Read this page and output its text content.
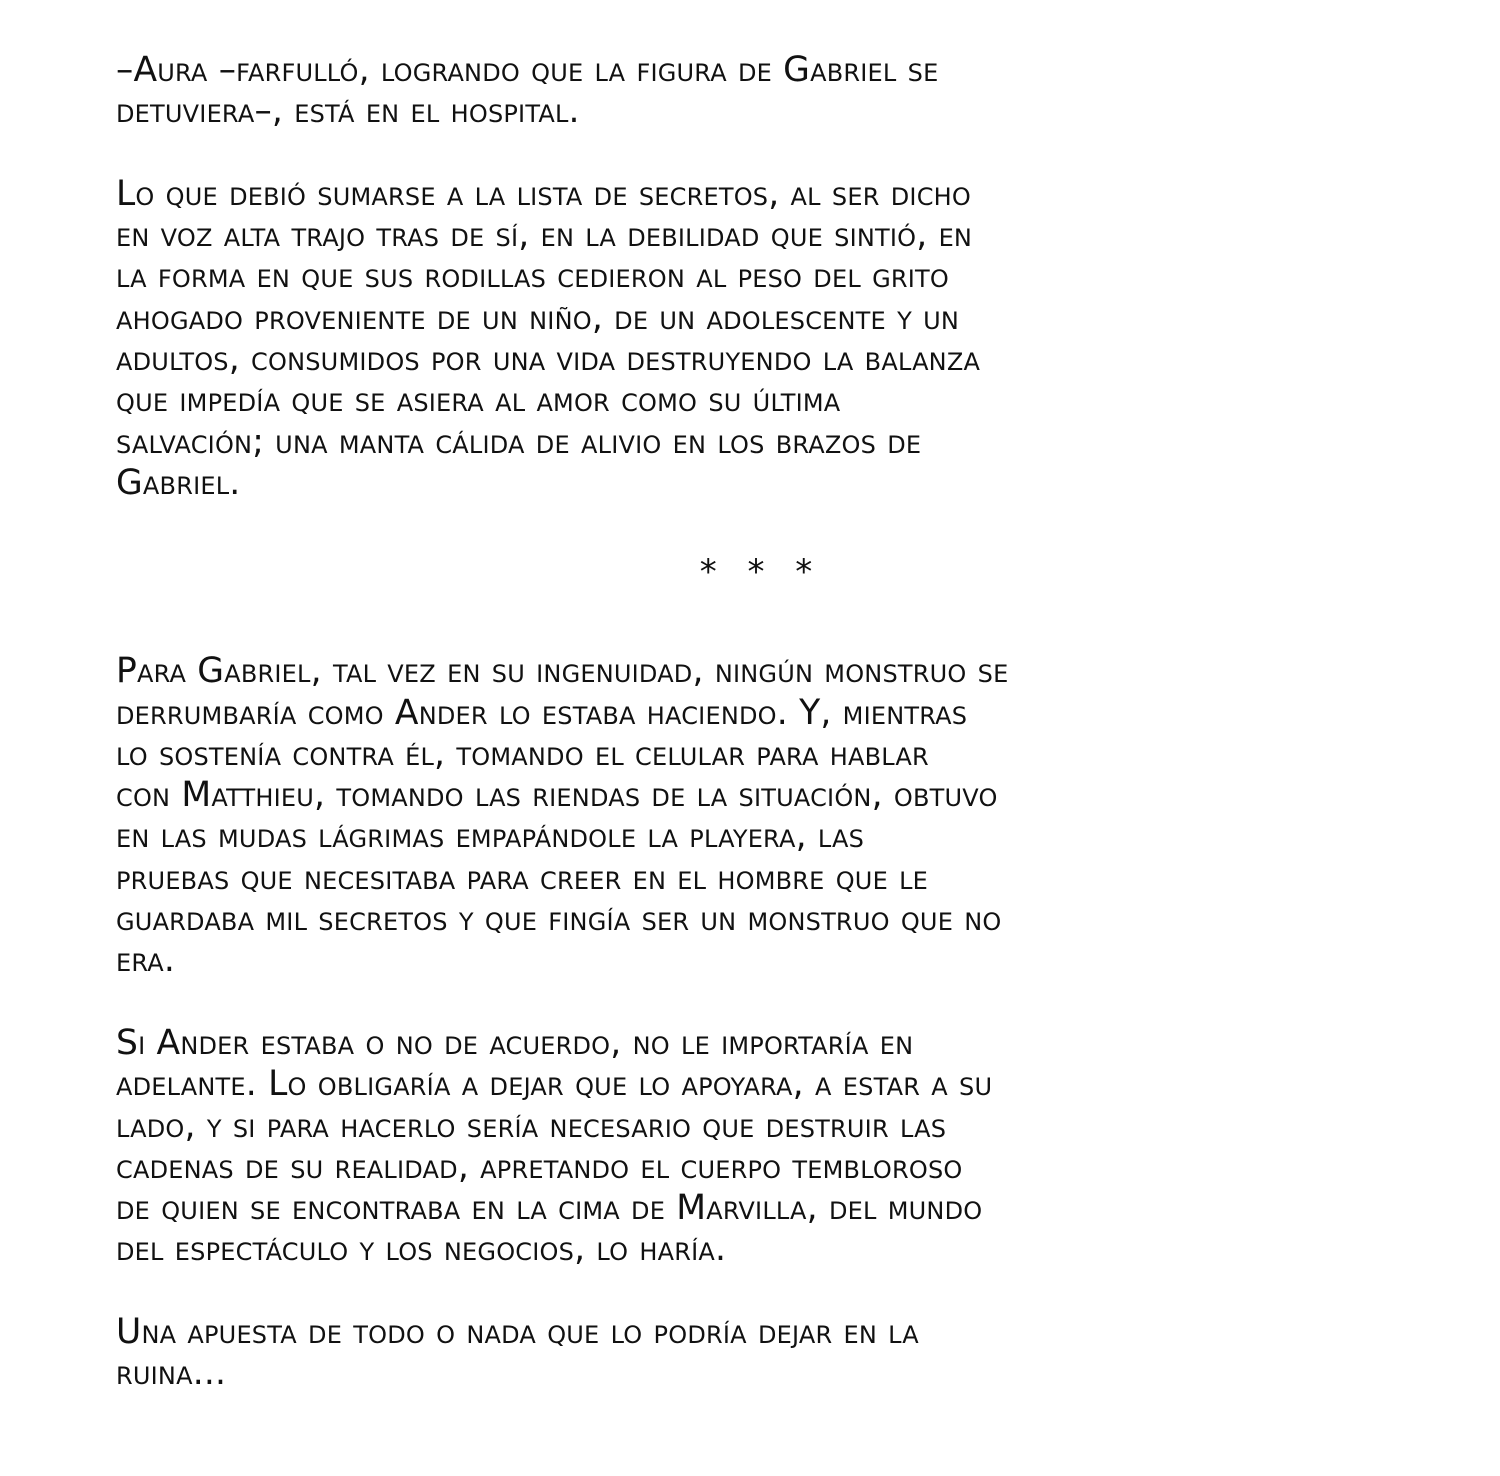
–Aura –farfulló, logrando que la figura de Gabriel se
detuviera–, está en el hospital.

Lo que debió sumarse a la lista de secretos, al ser dicho
en voz alta trajo tras de sí, en la debilidad que sintió, en
la forma en que sus rodillas cedieron al peso del grito
ahogado proveniente de un niño, de un adolescente y un
adultos, consumidos por una vida destruyendo la balanza
que impedía que se asiera al amor como su última
salvación; una manta cálida de alivio en los brazos de
Gabriel.

* * *

Para Gabriel, tal vez en su ingenuidad, ningún monstruo se
derrumbaría como Ander lo estaba haciendo. Y, mientras
lo sostenía contra él, tomando el celular para hablar
con Matthieu, tomando las riendas de la situación, obtuvo
en las mudas lágrimas empapándole la playera, las
pruebas que necesitaba para creer en el hombre que le
guardaba mil secretos y que fingía ser un monstruo que no
era.

Si Ander estaba o no de acuerdo, no le importaría en
adelante. Lo obligaría a dejar que lo apoyara, a estar a su
lado, y si para hacerlo sería necesario que destruir las
cadenas de su realidad, apretando el cuerpo tembloroso
de quien se encontraba en la cima de Marvilla, del mundo
del espectáculo y los negocios, lo haría.

Una apuesta de todo o nada que lo podría dejar en la
ruina...
